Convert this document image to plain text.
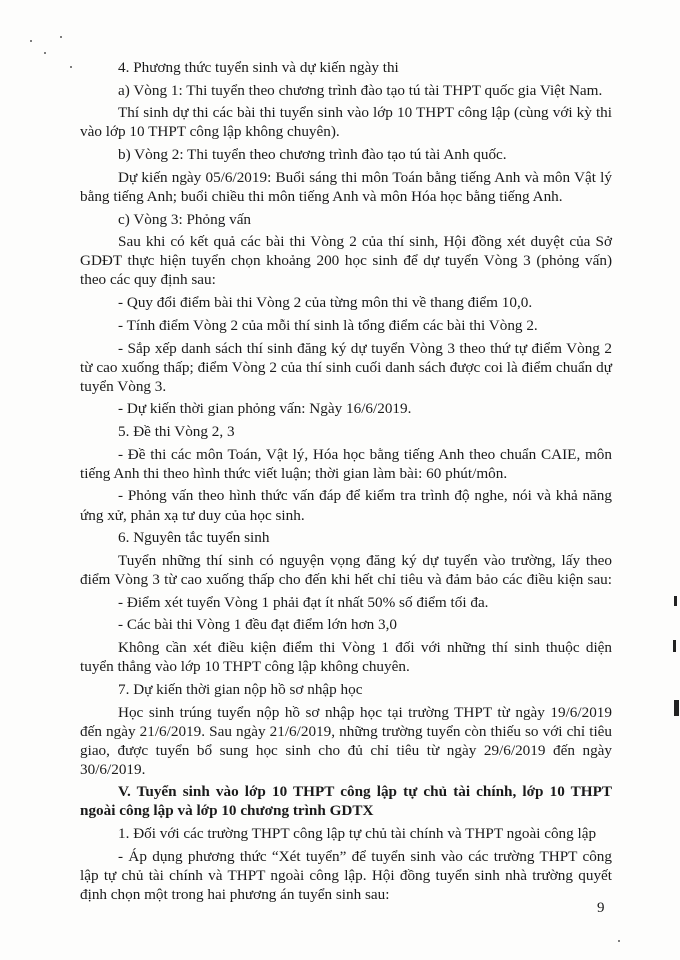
4. Phương thức tuyển sinh và dự kiến ngày thi
a) Vòng 1: Thi tuyển theo chương trình đào tạo tú tài THPT quốc gia Việt Nam.
Thí sinh dự thi các bài thi tuyển sinh vào lớp 10 THPT công lập (cùng với kỳ thi
vào lớp 10 THPT công lập không chuyên).
b) Vòng 2: Thi tuyển theo chương trình đào tạo tú tài Anh quốc.
Dự kiến ngày 05/6/2019: Buổi sáng thi môn Toán bằng tiếng Anh và môn Vật lý
bằng tiếng Anh; buổi chiều thi môn tiếng Anh và môn Hóa học bằng tiếng Anh.
c) Vòng 3: Phỏng vấn
Sau khi có kết quả các bài thi Vòng 2 của thí sinh, Hội đồng xét duyệt của Sở
GDĐT thực hiện tuyển chọn khoảng 200 học sinh để dự tuyển Vòng 3 (phỏng vấn)
theo các quy định sau:
- Quy đổi điểm bài thi Vòng 2 của từng môn thi về thang điểm 10,0.
- Tính điểm Vòng 2 của mỗi thí sinh là tổng điểm các bài thi Vòng 2.
- Sắp xếp danh sách thí sinh đăng ký dự tuyển Vòng 3 theo thứ tự điểm Vòng 2
từ cao xuống thấp; điểm Vòng 2 của thí sinh cuối danh sách được coi là điểm chuẩn dự
tuyển Vòng 3.
- Dự kiến thời gian phỏng vấn: Ngày 16/6/2019.
5. Đề thi Vòng 2, 3
- Đề thi các môn Toán, Vật lý, Hóa học bằng tiếng Anh theo chuẩn CAIE, môn
tiếng Anh thi theo hình thức viết luận; thời gian làm bài: 60 phút/môn.
- Phỏng vấn theo hình thức vấn đáp để kiểm tra trình độ nghe, nói và khả năng
ứng xử, phản xạ tư duy của học sinh.
6. Nguyên tắc tuyển sinh
Tuyển những thí sinh có nguyện vọng đăng ký dự tuyển vào trường, lấy theo
điểm Vòng 3 từ cao xuống thấp cho đến khi hết chỉ tiêu và đảm bảo các điều kiện sau:
- Điểm xét tuyển Vòng 1 phải đạt ít nhất 50% số điểm tối đa.
- Các bài thi Vòng 1 đều đạt điểm lớn hơn 3,0
Không cần xét điều kiện điểm thi Vòng 1 đối với những thí sinh thuộc diện
tuyển thẳng vào lớp 10 THPT công lập không chuyên.
7. Dự kiến thời gian nộp hồ sơ nhập học
Học sinh trúng tuyển nộp hồ sơ nhập học tại trường THPT từ ngày 19/6/2019
đến ngày 21/6/2019. Sau ngày 21/6/2019, những trường tuyển còn thiếu so với chỉ tiêu
giao, được tuyển bổ sung học sinh cho đủ chỉ tiêu từ ngày 29/6/2019 đến ngày
30/6/2019.
V. Tuyển sinh vào lớp 10 THPT công lập tự chủ tài chính, lớp 10 THPT
ngoài công lập và lớp 10 chương trình GDTX
1. Đối với các trường THPT công lập tự chủ tài chính và THPT ngoài công lập
- Áp dụng phương thức “Xét tuyển” để tuyển sinh vào các trường THPT công
lập tự chủ tài chính và THPT ngoài công lập. Hội đồng tuyển sinh nhà trường quyết
định chọn một trong hai phương án tuyển sinh sau:
9
